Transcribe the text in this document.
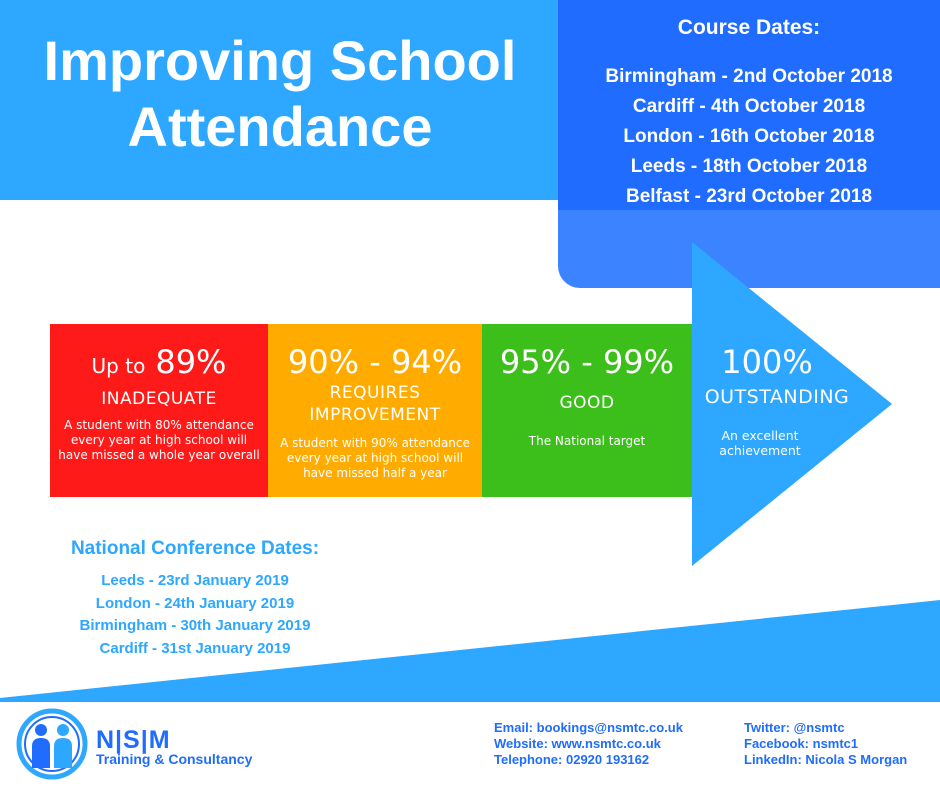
Improving School
Attendance
Course Dates:
Birmingham - 2nd October 2018
Cardiff - 4th October 2018
London - 16th October 2018
Leeds - 18th October 2018
Belfast - 23rd October 2018
Up to 89%
INADEQUATE
A student with 80% attendance every year at high school will have missed a whole year overall
90% - 94%
REQUIRES IMPROVEMENT
A student with 90% attendance every year at high school will have missed half a year
95% - 99%
GOOD
The National target
100%
OUTSTANDING
An excellent achievement
National Conference Dates:
Leeds - 23rd January 2019
London - 24th January 2019
Birmingham - 30th January 2019
Cardiff - 31st January 2019
N|S|M
Training & Consultancy
Email: bookings@nsmtc.co.uk
Website: www.nsmtc.co.uk
Telephone: 02920 193162
Twitter: @nsmtc
Facebook: nsmtc1
LinkedIn: Nicola S Morgan
